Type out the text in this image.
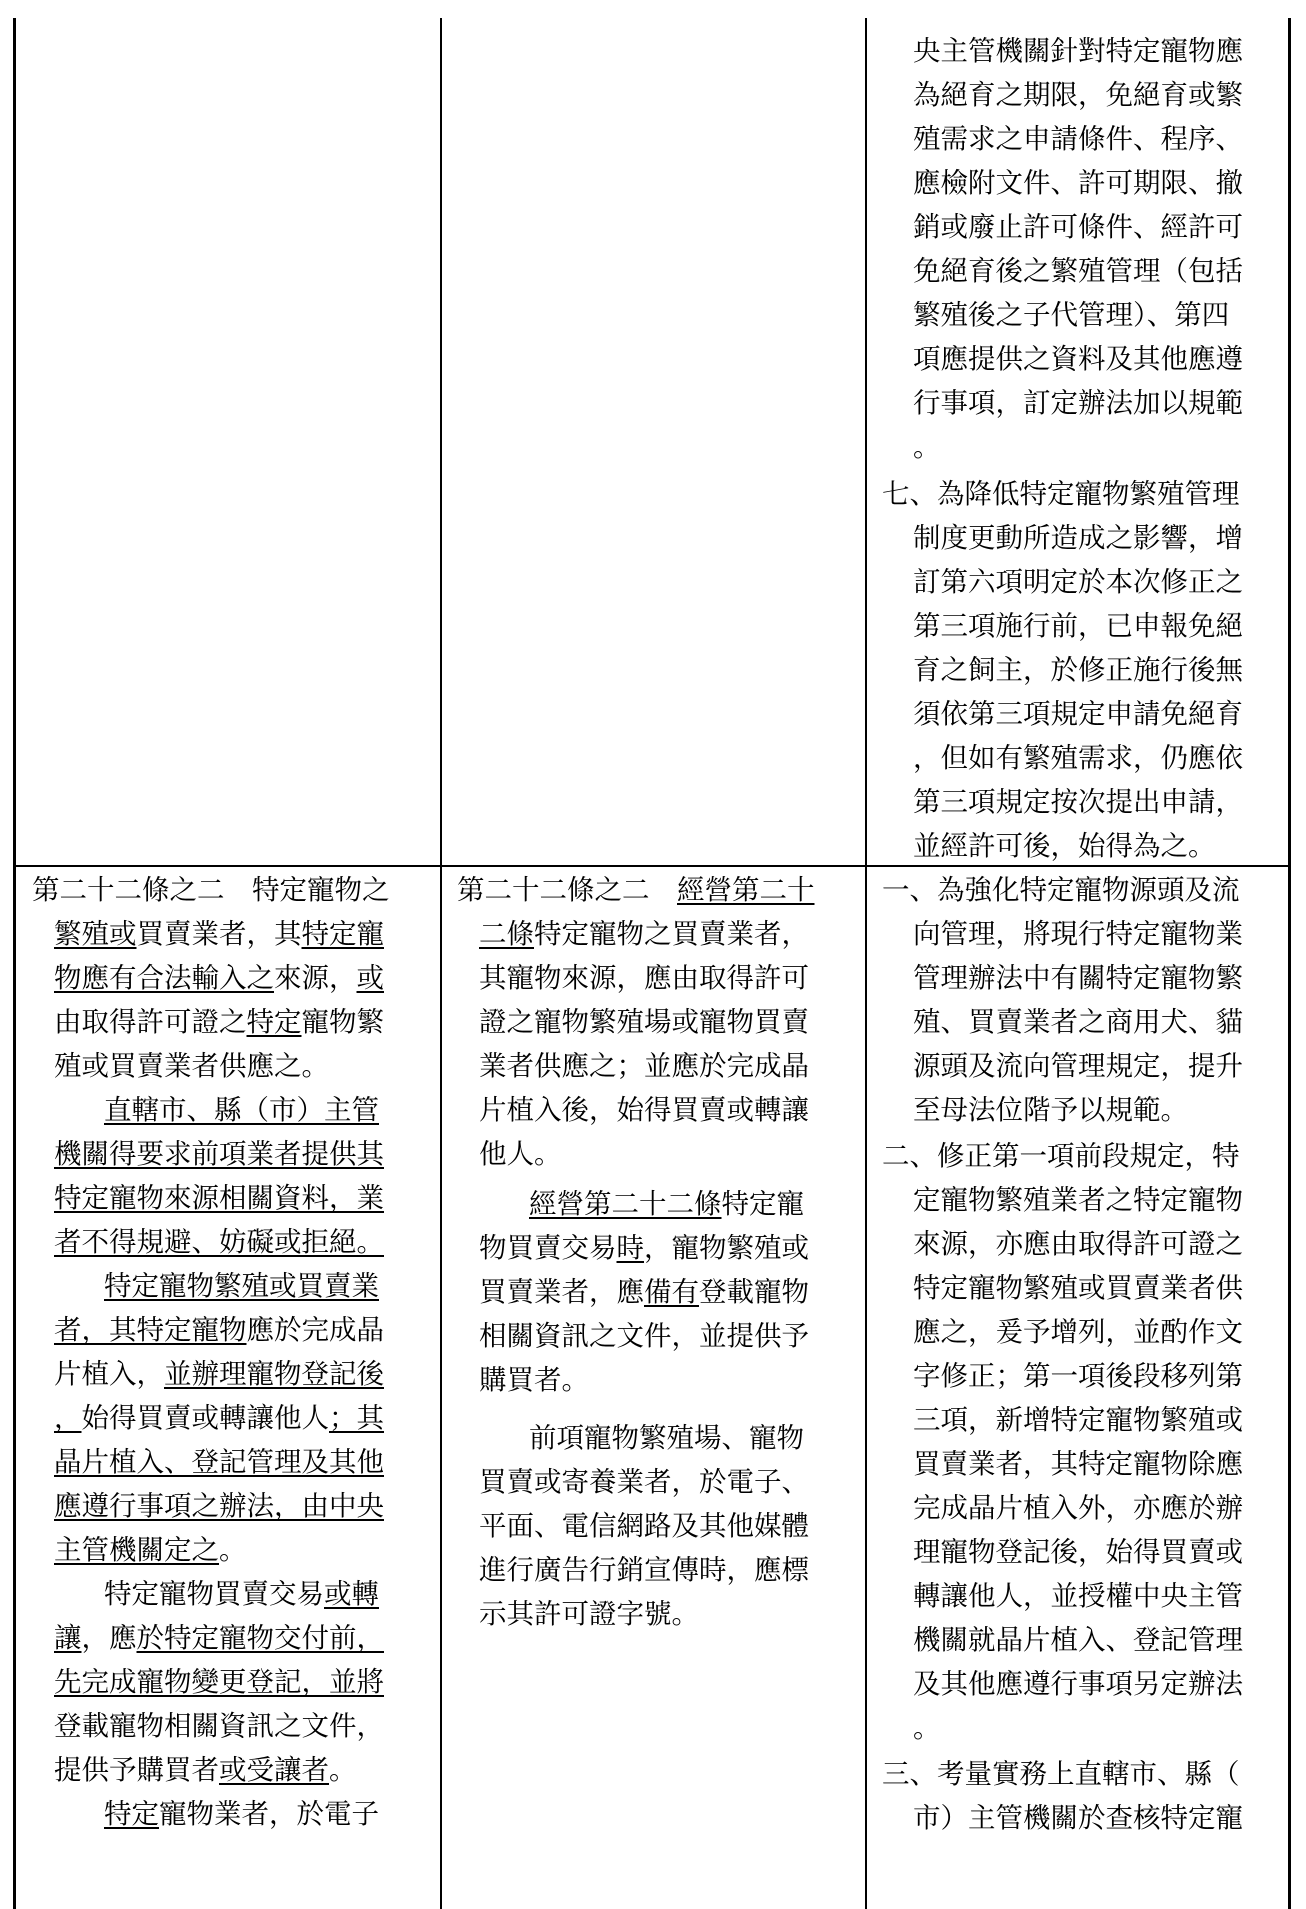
央主管機關針對特定寵物應
為絕育之期限，免絕育或繁
殖需求之申請條件、程序、
應檢附文件、許可期限、撤
銷或廢止許可條件、經許可
免絕育後之繁殖管理（包括
繁殖後之子代管理）、第四
項應提供之資料及其他應遵
行事項，訂定辦法加以規範
。
七、為降低特定寵物繁殖管理
制度更動所造成之影響，增
訂第六項明定於本次修正之
第三項施行前，已申報免絕
育之飼主，於修正施行後無
須依第三項規定申請免絕育
，但如有繁殖需求，仍應依
第三項規定按次提出申請，
並經許可後，始得為之。
第二十二條之二　特定寵物之
繁殖或買賣業者，其特定寵
物應有合法輸入之來源，或
由取得許可證之特定寵物繁
殖或買賣業者供應之。
直轄市、縣（市）主管
機關得要求前項業者提供其
特定寵物來源相關資料，業
者不得規避、妨礙或拒絕。
特定寵物繁殖或買賣業
者，其特定寵物應於完成晶
片植入，並辦理寵物登記後
，始得買賣或轉讓他人；其
晶片植入、登記管理及其他
應遵行事項之辦法，由中央
主管機關定之。
特定寵物買賣交易或轉
讓，應於特定寵物交付前，
先完成寵物變更登記，並將
登載寵物相關資訊之文件，
提供予購買者或受讓者。
特定寵物業者，於電子
第二十二條之二　 經營第二十
二條特定寵物之買賣業者，
其寵物來源，應由取得許可
證之寵物繁殖場或寵物買賣
業者供應之；並應於完成晶
片植入後，始得買賣或轉讓
他人。
經營第二十二條特定寵
物買賣交易時，寵物繁殖或
買賣業者，應備有登載寵物
相關資訊之文件，並提供予
購買者。
前項寵物繁殖場、寵物
買賣或寄養業者，於電子、
平面、電信網路及其他媒體
進行廣告行銷宣傳時，應標
示其許可證字號。
一、為強化特定寵物源頭及流
向管理，將現行特定寵物業
管理辦法中有關特定寵物繁
殖、買賣業者之商用犬、貓
源頭及流向管理規定，提升
至母法位階予以規範。
二、修正第一項前段規定，特
定寵物繁殖業者之特定寵物
來源，亦應由取得許可證之
特定寵物繁殖或買賣業者供
應之，爰予增列，並酌作文
字修正；第一項後段移列第
三項，新增特定寵物繁殖或
買賣業者，其特定寵物除應
完成晶片植入外，亦應於辦
理寵物登記後，始得買賣或
轉讓他人，並授權中央主管
機關就晶片植入、登記管理
及其他應遵行事項另定辦法
。
三、考量實務上直轄市、縣（
市）主管機關於查核特定寵
